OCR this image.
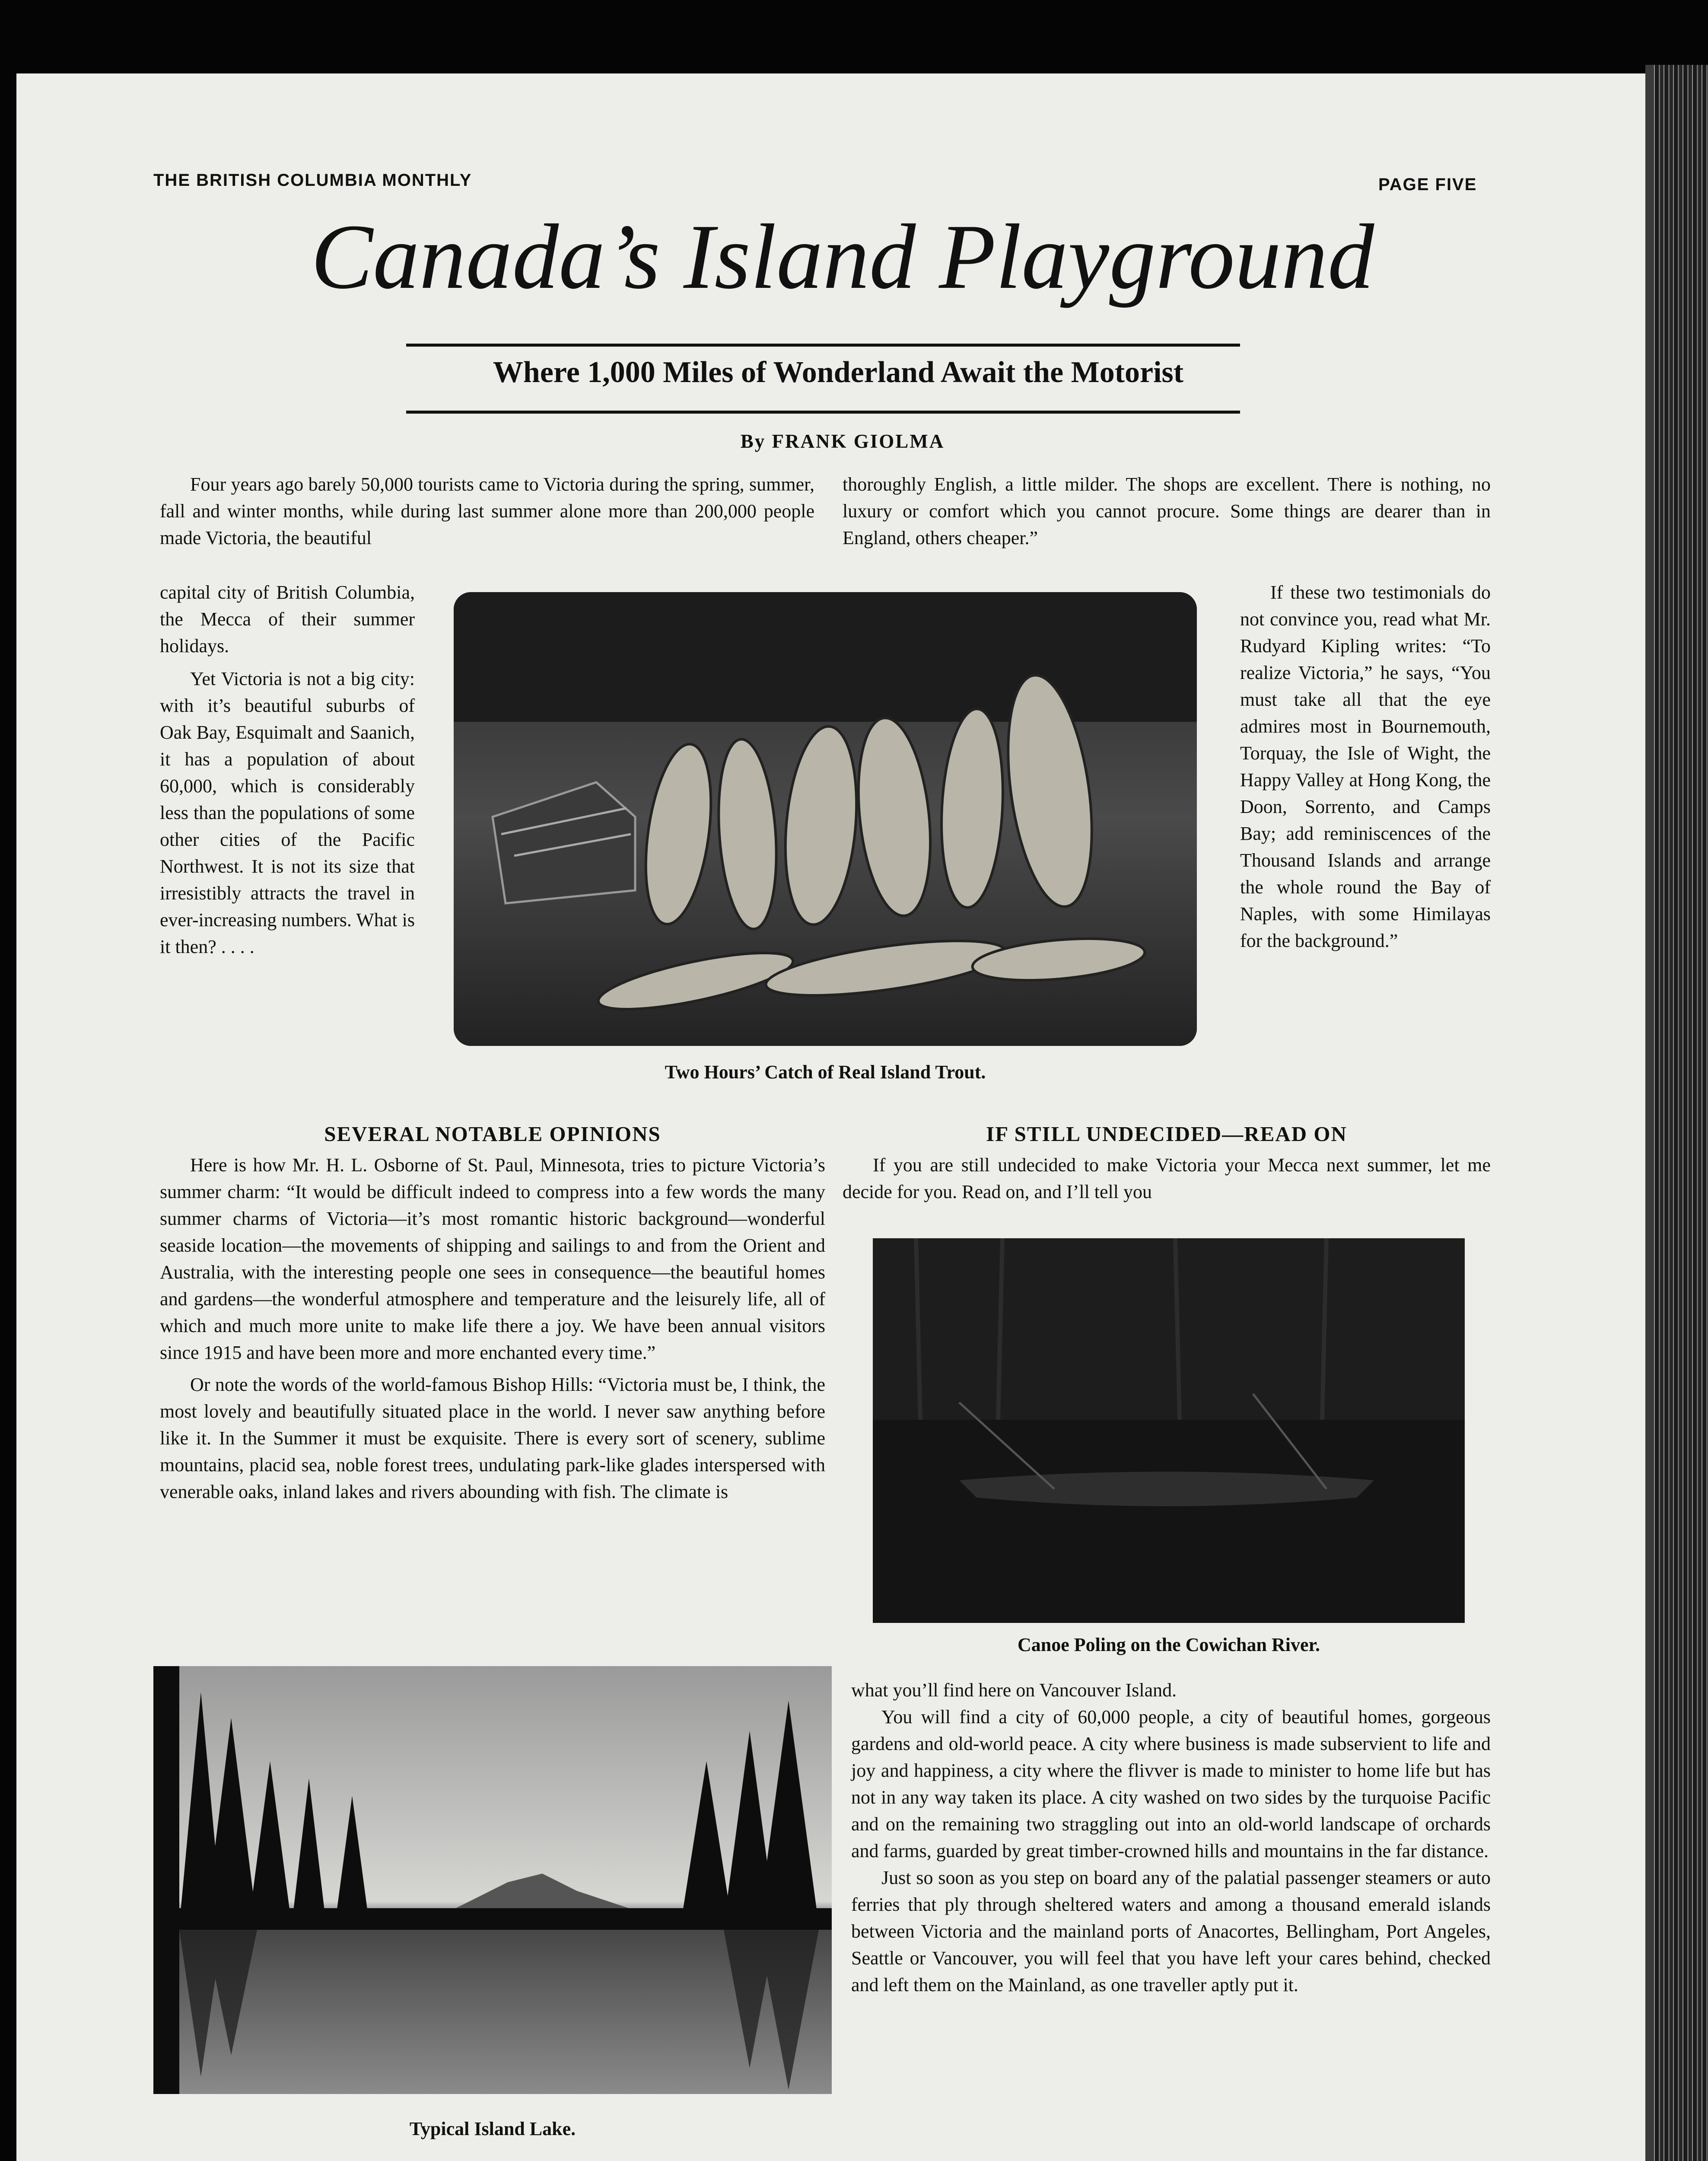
THE BRITISH COLUMBIA MONTHLY	PAGE FIVE
Canada’s Island Playground
Where 1,000 Miles of Wonderland Await the Motorist
By FRANK GIOLMA

Four years ago barely 50,000 tourists came to Victoria during the spring, summer, fall and winter months, while during last summer alone more than 200,000 people made Victoria, the beautiful

capital city of British Columbia, the Mecca of their summer holidays.

Yet Victoria is not a big city: with it’s beautiful suburbs of Oak Bay, Esquimalt and Saanich, it has a population of about 60,000, which is considerably less than the populations of some other cities of the Pacific Northwest. It is not its size that irresistibly attracts the travel in ever-increasing numbers. What is it then? . . . .

thoroughly English, a little milder. The shops are excellent. There is nothing, no luxury or comfort which you cannot procure. Some things are dearer than in England, others cheaper.”

If these two testimonials do not convince you, read what Mr. Rudyard Kipling writes: “To realize Victoria,” he says, “You must take all that the eye admires most in Bournemouth, Torquay, the Isle of Wight, the Happy Valley at Hong Kong, the Doon, Sorrento, and Camps Bay; add reminiscences of the Thousand Islands and arrange the whole round the Bay of Naples, with some Himilayas for the background.”

Two Hours’ Catch of Real Island Trout.
SEVERAL NOTABLE OPINIONS

Here is how Mr. H. L. Osborne of St. Paul, Minnesota, tries to picture Victoria’s summer charm: “It would be difficult indeed to compress into a few words the many summer charms of Victoria—it’s most romantic historic background—wonderful seaside location—the movements of shipping and sailings to and from the Orient and Australia, with the interesting people one sees in consequence—the beautiful homes and gardens—the wonderful atmosphere and temperature and the leisurely life, all of which and much more unite to make life there a joy. We have been annual visitors since 1915 and have been more and more enchanted every time.”

Or note the words of the world-famous Bishop Hills: “Victoria must be, I think, the most lovely and beautifully situated place in the world. I never saw anything before like it. In the Summer it must be exquisite. There is every sort of scenery, sublime mountains, placid sea, noble forest trees, undulating park-like glades interspersed with venerable oaks, inland lakes and rivers abounding with fish. The climate is

Typical Island Lake.
IF STILL UNDECIDED—READ ON

If you are still undecided to make Victoria your Mecca next summer, let me decide for you. Read on, and I’ll tell you

Canoe Poling on the Cowichan River.

what you’ll find here on Vancouver Island.

You will find a city of 60,000 people, a city of beautiful homes, gorgeous gardens and old-world peace. A city where business is made subservient to life and joy and happiness, a city where the flivver is made to minister to home life but has not in any way taken its place. A city washed on two sides by the turquoise Pacific and on the remaining two straggling out into an old-world landscape of orchards and farms, guarded by great timber-crowned hills and mountains in the far distance.

Just so soon as you step on board any of the palatial passenger steamers or auto ferries that ply through sheltered waters and among a thousand emerald islands between Victoria and the mainland ports of Anacortes, Bellingham, Port Angeles, Seattle or Vancouver, you will feel that you have left your cares behind, checked and left them on the Mainland, as one traveller aptly put it.
